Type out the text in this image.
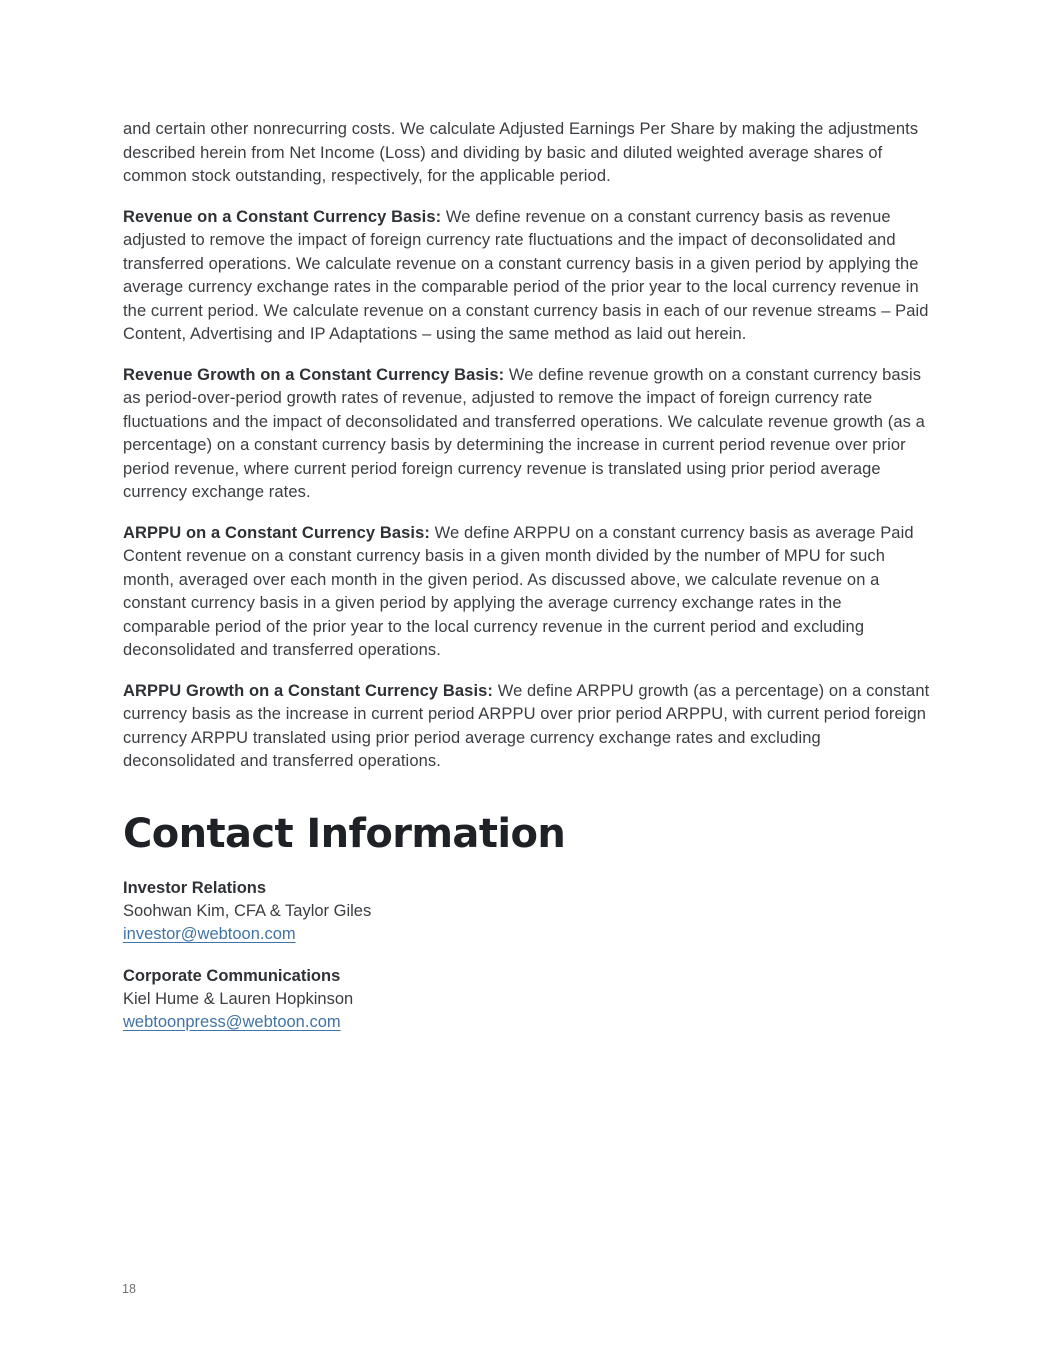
and certain other nonrecurring costs. We calculate Adjusted Earnings Per Share by making the adjustments described herein from Net Income (Loss) and dividing by basic and diluted weighted average shares of common stock outstanding, respectively, for the applicable period.

Revenue on a Constant Currency Basis: We define revenue on a constant currency basis as revenue adjusted to remove the impact of foreign currency rate fluctuations and the impact of deconsolidated and transferred operations. We calculate revenue on a constant currency basis in a given period by applying the average currency exchange rates in the comparable period of the prior year to the local currency revenue in the current period. We calculate revenue on a constant currency basis in each of our revenue streams – Paid Content, Advertising and IP Adaptations – using the same method as laid out herein.

Revenue Growth on a Constant Currency Basis: We define revenue growth on a constant currency basis as period-over-period growth rates of revenue, adjusted to remove the impact of foreign currency rate fluctuations and the impact of deconsolidated and transferred operations. We calculate revenue growth (as a percentage) on a constant currency basis by determining the increase in current period revenue over prior period revenue, where current period foreign currency revenue is translated using prior period average currency exchange rates.

ARPPU on a Constant Currency Basis: We define ARPPU on a constant currency basis as average Paid Content revenue on a constant currency basis in a given month divided by the number of MPU for such month, averaged over each month in the given period. As discussed above, we calculate revenue on a constant currency basis in a given period by applying the average currency exchange rates in the comparable period of the prior year to the local currency revenue in the current period and excluding deconsolidated and transferred operations.

ARPPU Growth on a Constant Currency Basis: We define ARPPU growth (as a percentage) on a constant currency basis as the increase in current period ARPPU over prior period ARPPU, with current period foreign currency ARPPU translated using prior period average currency exchange rates and excluding deconsolidated and transferred operations.

Contact Information
Investor Relations
Soohwan Kim, CFA & Taylor Giles
investor@webtoon.com
Corporate Communications
Kiel Hume & Lauren Hopkinson
webtoonpress@webtoon.com
18
